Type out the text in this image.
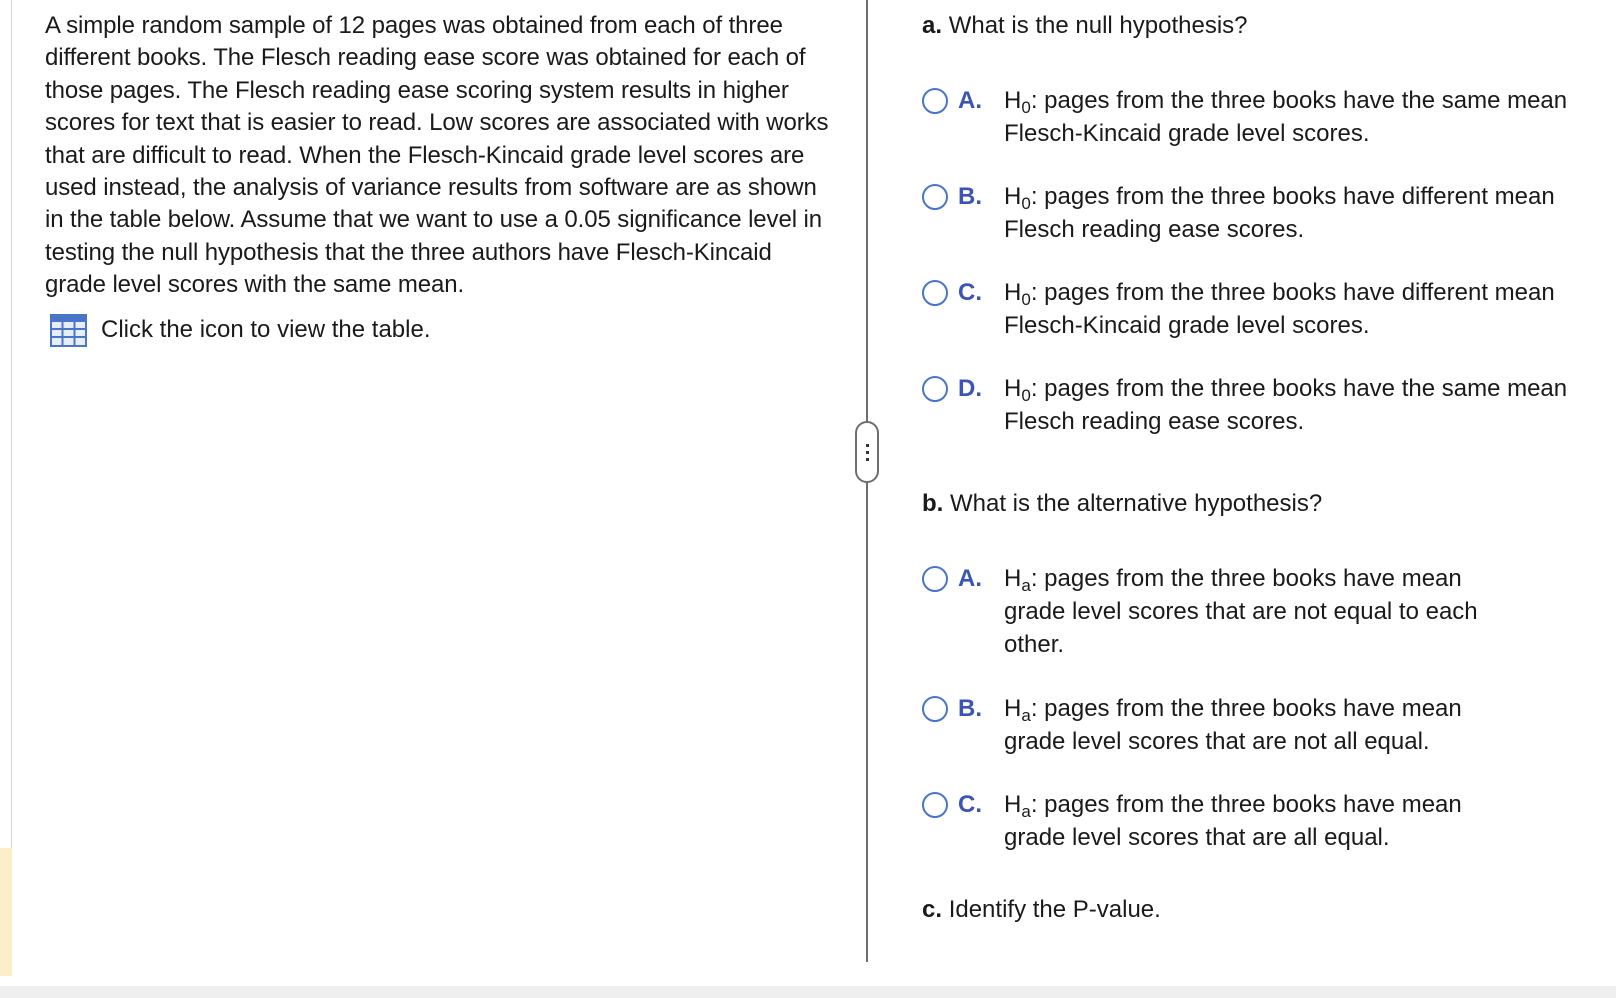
A simple random sample of 12 pages was obtained from each of three different books. The Flesch reading ease score was obtained for each of those pages. The Flesch reading ease scoring system results in higher scores for text that is easier to read. Low scores are associated with works that are difficult to read. When the Flesch-Kincaid grade level scores are used instead, the analysis of variance results from software are as shown in the table below. Assume that we want to use a 0.05 significance level in testing the null hypothesis that the three authors have Flesch-Kincaid grade level scores with the same mean.

Click the icon to view the table.

a. What is the null hypothesis?

A. $H_0$: pages from the three books have the same mean Flesch-Kincaid grade level scores.
B. $H_0$: pages from the three books have different mean Flesch reading ease scores.
C. $H_0$: pages from the three books have different mean Flesch-Kincaid grade level scores.
D. $H_0$: pages from the three books have the same mean Flesch reading ease scores.

b. What is the alternative hypothesis?

A. $H_a$: pages from the three books have mean grade level scores that are not equal to each other.
B. $H_a$: pages from the three books have mean grade level scores that are not all equal.
C. $H_a$: pages from the three books have mean grade level scores that are all equal.

c. Identify the P-value.
